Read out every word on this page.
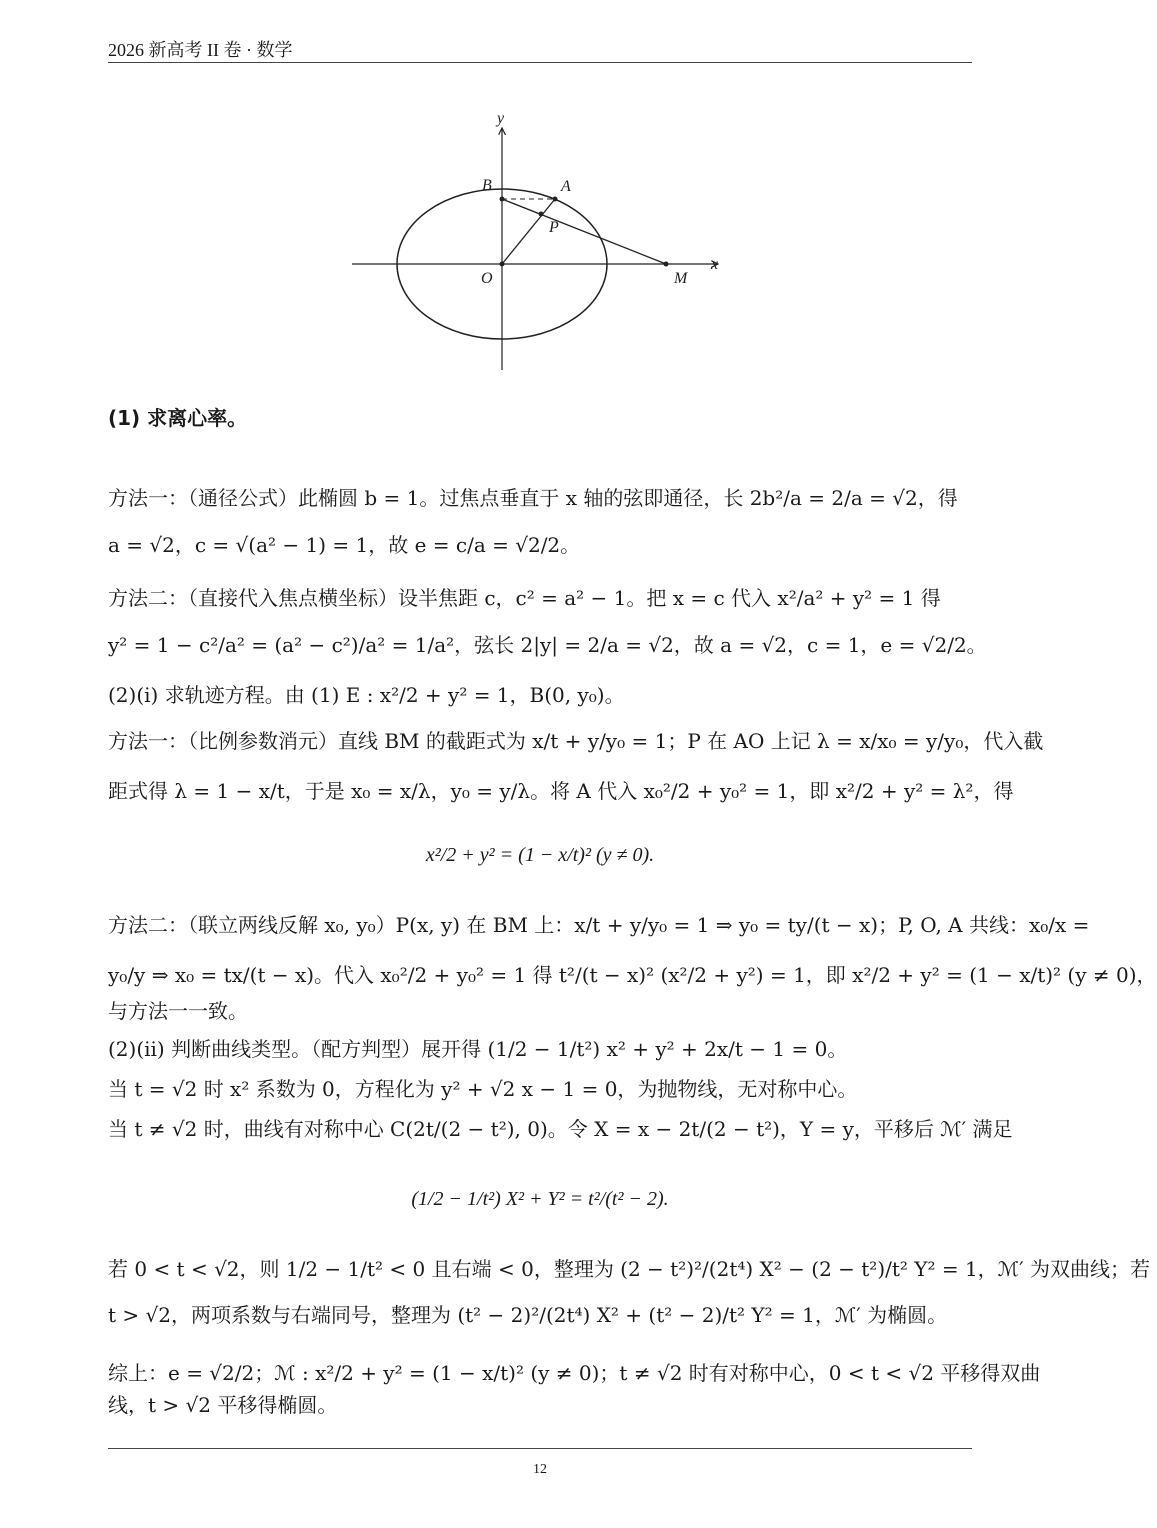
2026 新高考 II 卷 · 数学
y
x
B	A
P
O	M
(1) 求离心率。
方法一：（通径公式）此椭圆 b = 1。过焦点垂直于 x 轴的弦即通径，长 2b²/a = 2/a = √2，得
a = √2，c = √(a² − 1) = 1，故 e = c/a = √2/2。
方法二：（直接代入焦点横坐标）设半焦距 c，c² = a² − 1。把 x = c 代入 x²/a² + y² = 1 得
y² = 1 − c²/a² = (a² − c²)/a² = 1/a²，弦长 2|y| = 2/a = √2，故 a = √2，c = 1，e = √2/2。
(2)(i) 求轨迹方程。由 (1) E : x²/2 + y² = 1，B(0, y₀)。
方法一：（比例参数消元）直线 BM 的截距式为 x/t + y/y₀ = 1；P 在 AO 上记 λ = x/x₀ = y/y₀，代入截
距式得 λ = 1 − x/t，于是 x₀ = x/λ，y₀ = y/λ。将 A 代入 x₀²/2 + y₀² = 1，即 x²/2 + y² = λ²，得
x²/2 + y² = (1 − x/t)² (y ≠ 0).
方法二：（联立两线反解 x₀, y₀）P(x, y) 在 BM 上：x/t + y/y₀ = 1 ⇒ y₀ = ty/(t − x)；P, O, A 共线：x₀/x =
y₀/y ⇒ x₀ = tx/(t − x)。代入 x₀²/2 + y₀² = 1 得 t²/(t − x)² (x²/2 + y²) = 1，即 x²/2 + y² = (1 − x/t)² (y ≠ 0)，
与方法一一致。
(2)(ii) 判断曲线类型。（配方判型）展开得 (1/2 − 1/t²) x² + y² + 2x/t − 1 = 0。
当 t = √2 时 x² 系数为 0，方程化为 y² + √2 x − 1 = 0，为抛物线，无对称中心。
当 t ≠ √2 时，曲线有对称中心 C(2t/(2 − t²), 0)。令 X = x − 2t/(2 − t²)，Y = y，平移后 ℳ′ 满足
(1/2 − 1/t²) X² + Y² = t²/(t² − 2).
若 0 < t < √2，则 1/2 − 1/t² < 0 且右端 < 0，整理为 (2 − t²)²/(2t⁴) X² − (2 − t²)/t² Y² = 1，ℳ′ 为双曲线；若
t > √2，两项系数与右端同号，整理为 (t² − 2)²/(2t⁴) X² + (t² − 2)/t² Y² = 1，ℳ′ 为椭圆。
综上：e = √2/2；ℳ : x²/2 + y² = (1 − x/t)² (y ≠ 0)；t ≠ √2 时有对称中心，0 < t < √2 平移得双曲
线，t > √2 平移得椭圆。
12
